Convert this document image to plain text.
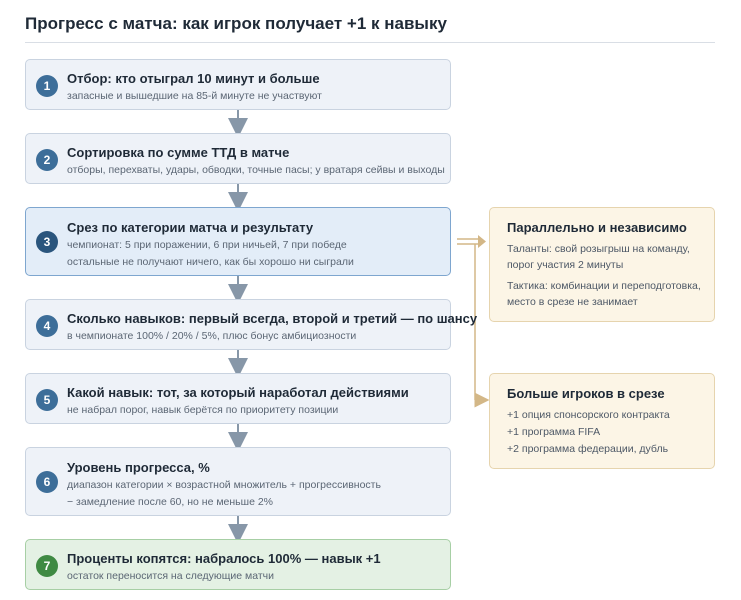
Прогресс с матча: как игрок получает +1 к навыку
1	Отбор: кто отыграл 10 минут и больше
запасные и вышедшие на 85-й минуте не участвуют
2	Сортировка по сумме ТТД в матче
отборы, перехваты, удары, обводки, точные пасы; у вратаря сейвы и выходы
3
Срез по категории матча и результату
чемпионат: 5 при поражении, 6 при ничьей, 7 при победе
остальные не получают ничего, как бы хорошо ни сыграли
4	Сколько навыков: первый всегда, второй и третий — по шансу
в чемпионате 100% / 20% / 5%, плюс бонус амбициозности
5	Какой навык: тот, за который наработал действиями
не набрал порог, навык берётся по приоритету позиции
6
Уровень прогресса, %
диапазон категории × возрастной множитель + прогрессивность
− замедление после 60, но не меньше 2%
7	Проценты копятся: набралось 100% — навык +1
остаток переносится на следующие матчи
Параллельно и независимо
Таланты: свой розыгрыш на команду,
порог участия 2 минуты
Тактика: комбинации и переподготовка,
место в срезе не занимает
Больше игроков в срезе
+1 опция спонсорского контракта
+1 программа FIFA
+2 программа федерации, дубль
